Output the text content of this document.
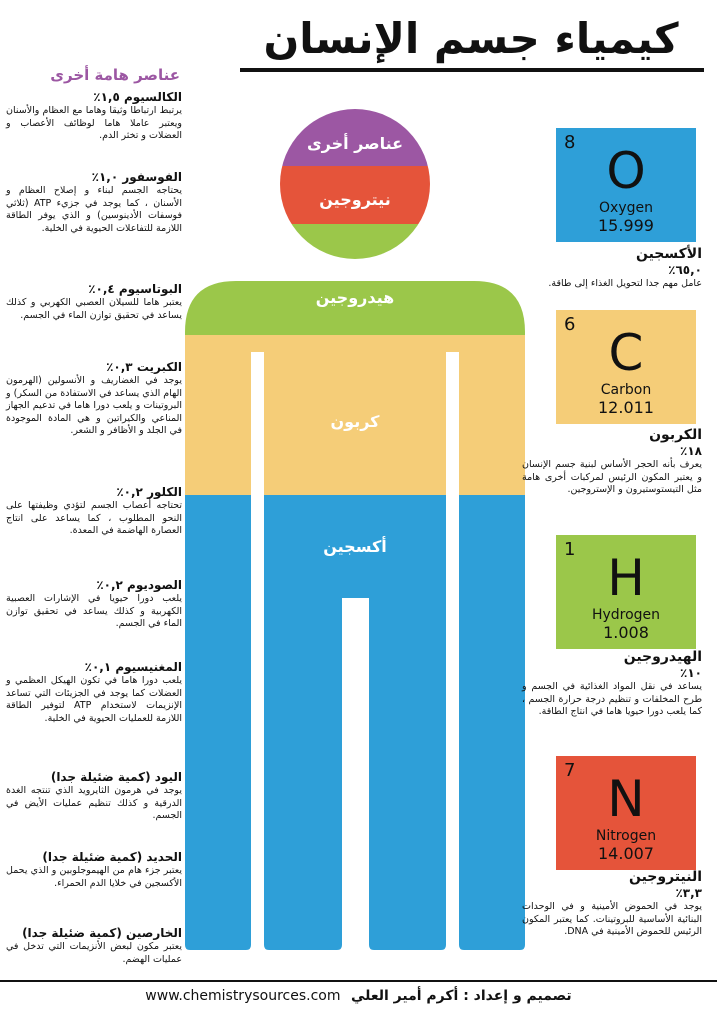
كيمياء جسم الإنسان
عناصر هامة أخرى
الكالسيوم ١,٥٪

يرتبط ارتباطا وثيقا وهاما مع العظام والأسنان ويعتبر عاملا هاما لوظائف الأعصاب و العضلات و تخثر الدم.

الفوسفور ١,٠٪

يحتاجه الجسم لبناء و إصلاح العظام و الأسنان ، كما يوجد في جزيء ATP (ثلاثي فوسفات الأدينوسين) و الذي يوفر الطاقة اللازمة للتفاعلات الحيوية في الخلية.

البوتاسيوم ٠,٤٪

يعتبر هاما للسيلان العصبي الكهربي و كذلك يساعد في تحقيق توازن الماء في الجسم.

الكبريت ٠,٣٪

يوجد في الغضاريف و الأنسولين (الهرمون الهام الذي يساعد في الاستفادة من السكر) و البروتينات و يلعب دورا هاما في تدعيم الجهاز المناعي والكيراتين و هي المادة الموجودة في الجلد و الأظافر و الشعر.

الكلور ٠,٢٪

تحتاجه أعصاب الجسم لتؤدي وظيفتها على النحو المطلوب ، كما يساعد على انتاج العصارة الهاضمة في المعدة.

الصوديوم ٠,٢٪

يلعب دورا حيويا في الإشارات العصبية الكهربية و كذلك يساعد في تحقيق توازن الماء في الجسم.

المغنيسيوم ٠,١٪

يلعب دورا هاما في تكون الهيكل العظمي و العضلات كما يوجد في الجزيئات التي تساعد الإنزيمات لاستخدام ATP لتوفير الطاقة اللازمة للعمليات الحيوية في الخلية.

اليود (كمية ضئيلة جدا)

يوجد في هرمون الثايرويد الذي تنتجه الغدة الدرقية و كذلك تنظيم عمليات الأيض في الجسم.

الحديد (كمية ضئيلة جدا)

يعتبر جزء هام من الهيموجلوبين و الذي يحمل الأكسجين في خلايا الدم الحمراء.

الخارصين (كمية ضئيلة جدا)

يعتبر مكون لبعض الأنزيمات التي تدخل في عمليات الهضم.

عناصر أخرى
نيتروجين
هيدروجين
كربون
أكسجين
8 O
Oxygen
15.999
الأكسجين
٦٥,٠٪

عامل مهم جدا لتحويل الغذاء إلى طاقة.

6 C
Carbon
12.011
الكربون
١٨٪

يعرف بأنه الحجر الأساس لبنية جسم الإنسان و يعتبر المكون الرئيس لمركبات أخرى هامة مثل التيستوستيرون و الإستروجين.

1 H
Hydrogen
1.008
الهيدروجين
١٠٪

يساعد في نقل المواد الغذائية في الجسم و طرح المخلفات و تنظيم درجة حرارة الجسم ، كما يلعب دورا حيويا هاما في انتاج الطاقة.

7 N
Nitrogen
14.007
النيتروجين
٣,٣٪

يوجد في الحموض الأمينية و في الوحدات البنائية الأساسية للبروتينات. كما يعتبر المكون الرئيس للحموض الأمينية في DNA.

www.chemistrysources.com تصميم و إعداد : أكرم أمير العلي
